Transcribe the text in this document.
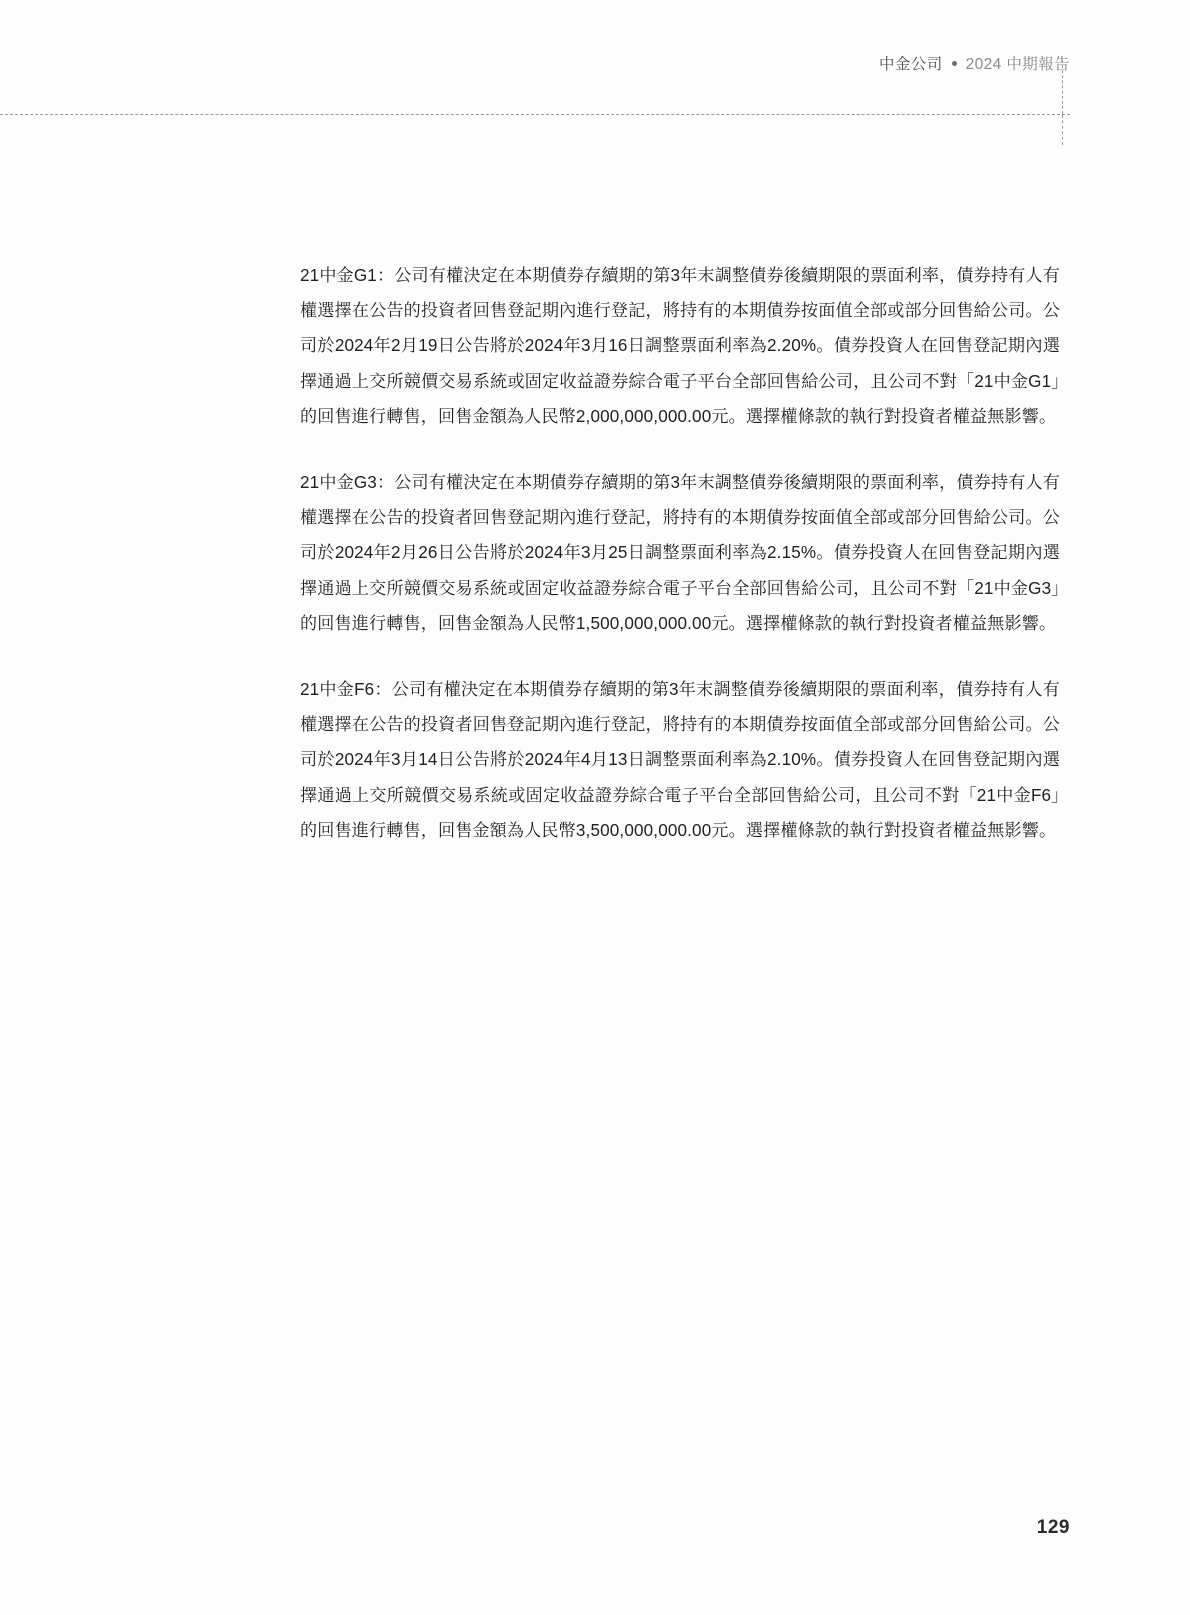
中金公司 2024 中期報告

21中金G1：公司有權決定在本期債券存續期的第3年末調整債券後續期限的票面利率，債券持有人有權選擇在公告的投資者回售登記期內進行登記，將持有的本期債券按面值全部或部分回售給公司。公司於2024年2月19日公告將於2024年3月16日調整票面利率為2.20%。債券投資人在回售登記期內選擇通過上交所競價交易系統或固定收益證券綜合電子平台全部回售給公司，且公司不對「21中金G1」的回售進行轉售，回售金額為人民幣2,000,000,000.00元。選擇權條款的執行對投資者權益無影響。

21中金G3：公司有權決定在本期債券存續期的第3年末調整債券後續期限的票面利率，債券持有人有權選擇在公告的投資者回售登記期內進行登記，將持有的本期債券按面值全部或部分回售給公司。公司於2024年2月26日公告將於2024年3月25日調整票面利率為2.15%。債券投資人在回售登記期內選擇通過上交所競價交易系統或固定收益證券綜合電子平台全部回售給公司，且公司不對「21中金G3」的回售進行轉售，回售金額為人民幣1,500,000,000.00元。選擇權條款的執行對投資者權益無影響。

21中金F6：公司有權決定在本期債券存續期的第3年末調整債券後續期限的票面利率，債券持有人有權選擇在公告的投資者回售登記期內進行登記，將持有的本期債券按面值全部或部分回售給公司。公司於2024年3月14日公告將於2024年4月13日調整票面利率為2.10%。債券投資人在回售登記期內選擇通過上交所競價交易系統或固定收益證券綜合電子平台全部回售給公司，且公司不對「21中金F6」的回售進行轉售，回售金額為人民幣3,500,000,000.00元。選擇權條款的執行對投資者權益無影響。

129
